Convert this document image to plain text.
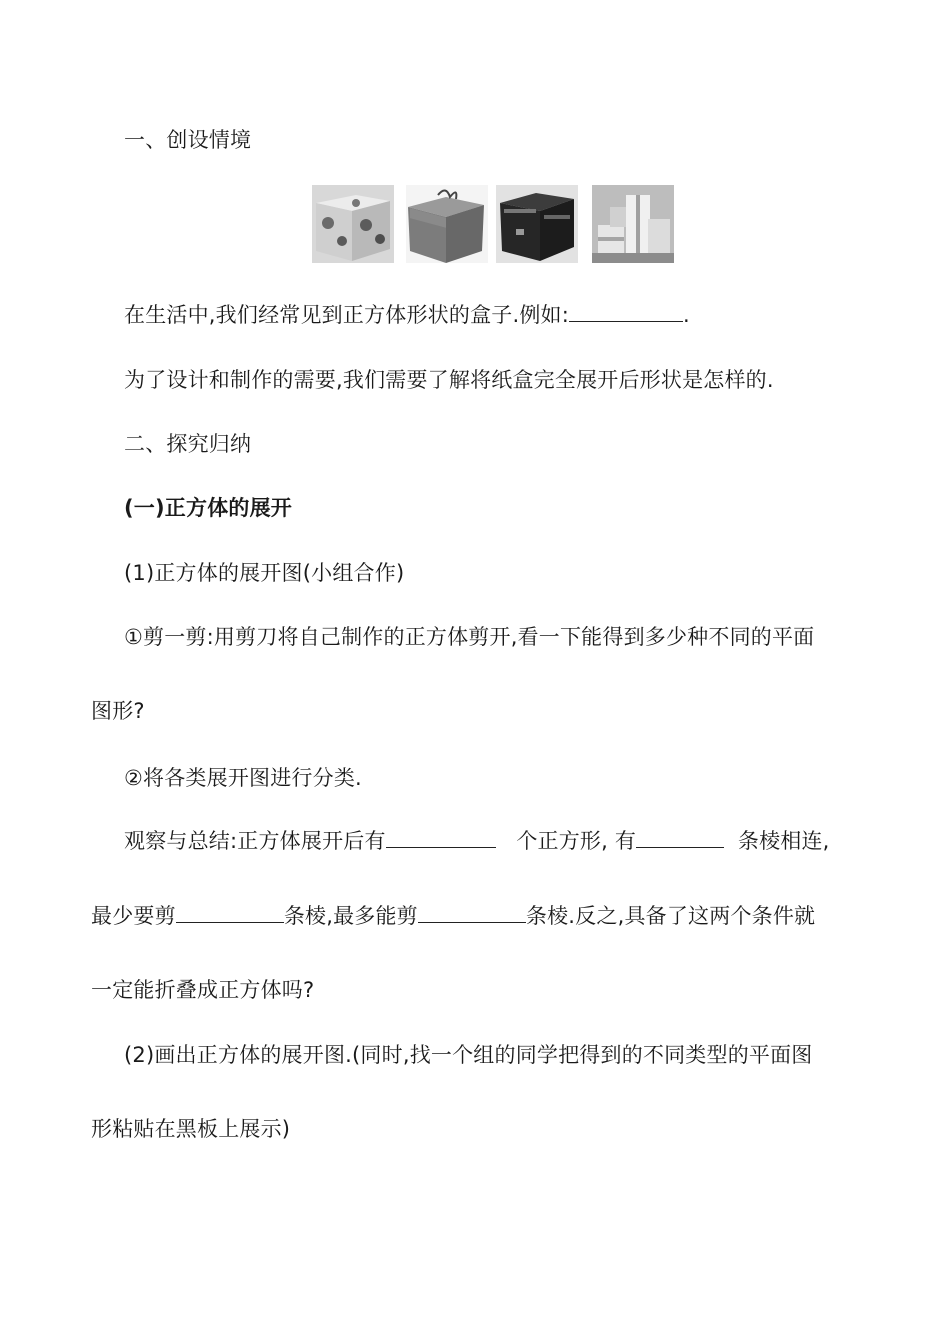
一、创设情境
在生活中,我们经常见到正方体形状的盒子.例如:	.
为了设计和制作的需要,我们需要了解将纸盒完全展开后形状是怎样的.
二、探究归纳
(一)正方体的展开
(1)正方体的展开图(小组合作)
①剪一剪:用剪刀将自己制作的正方体剪开,看一下能得到多少种不同的平面
图形?
②将各类展开图进行分类.
观察与总结:正方体展开后有	个正方形, 有	条棱相连,
最少要剪	条棱,最多能剪	条棱.反之,具备了这两个条件就
一定能折叠成正方体吗?
(2)画出正方体的展开图.(同时,找一个组的同学把得到的不同类型的平面图
形粘贴在黑板上展示)
